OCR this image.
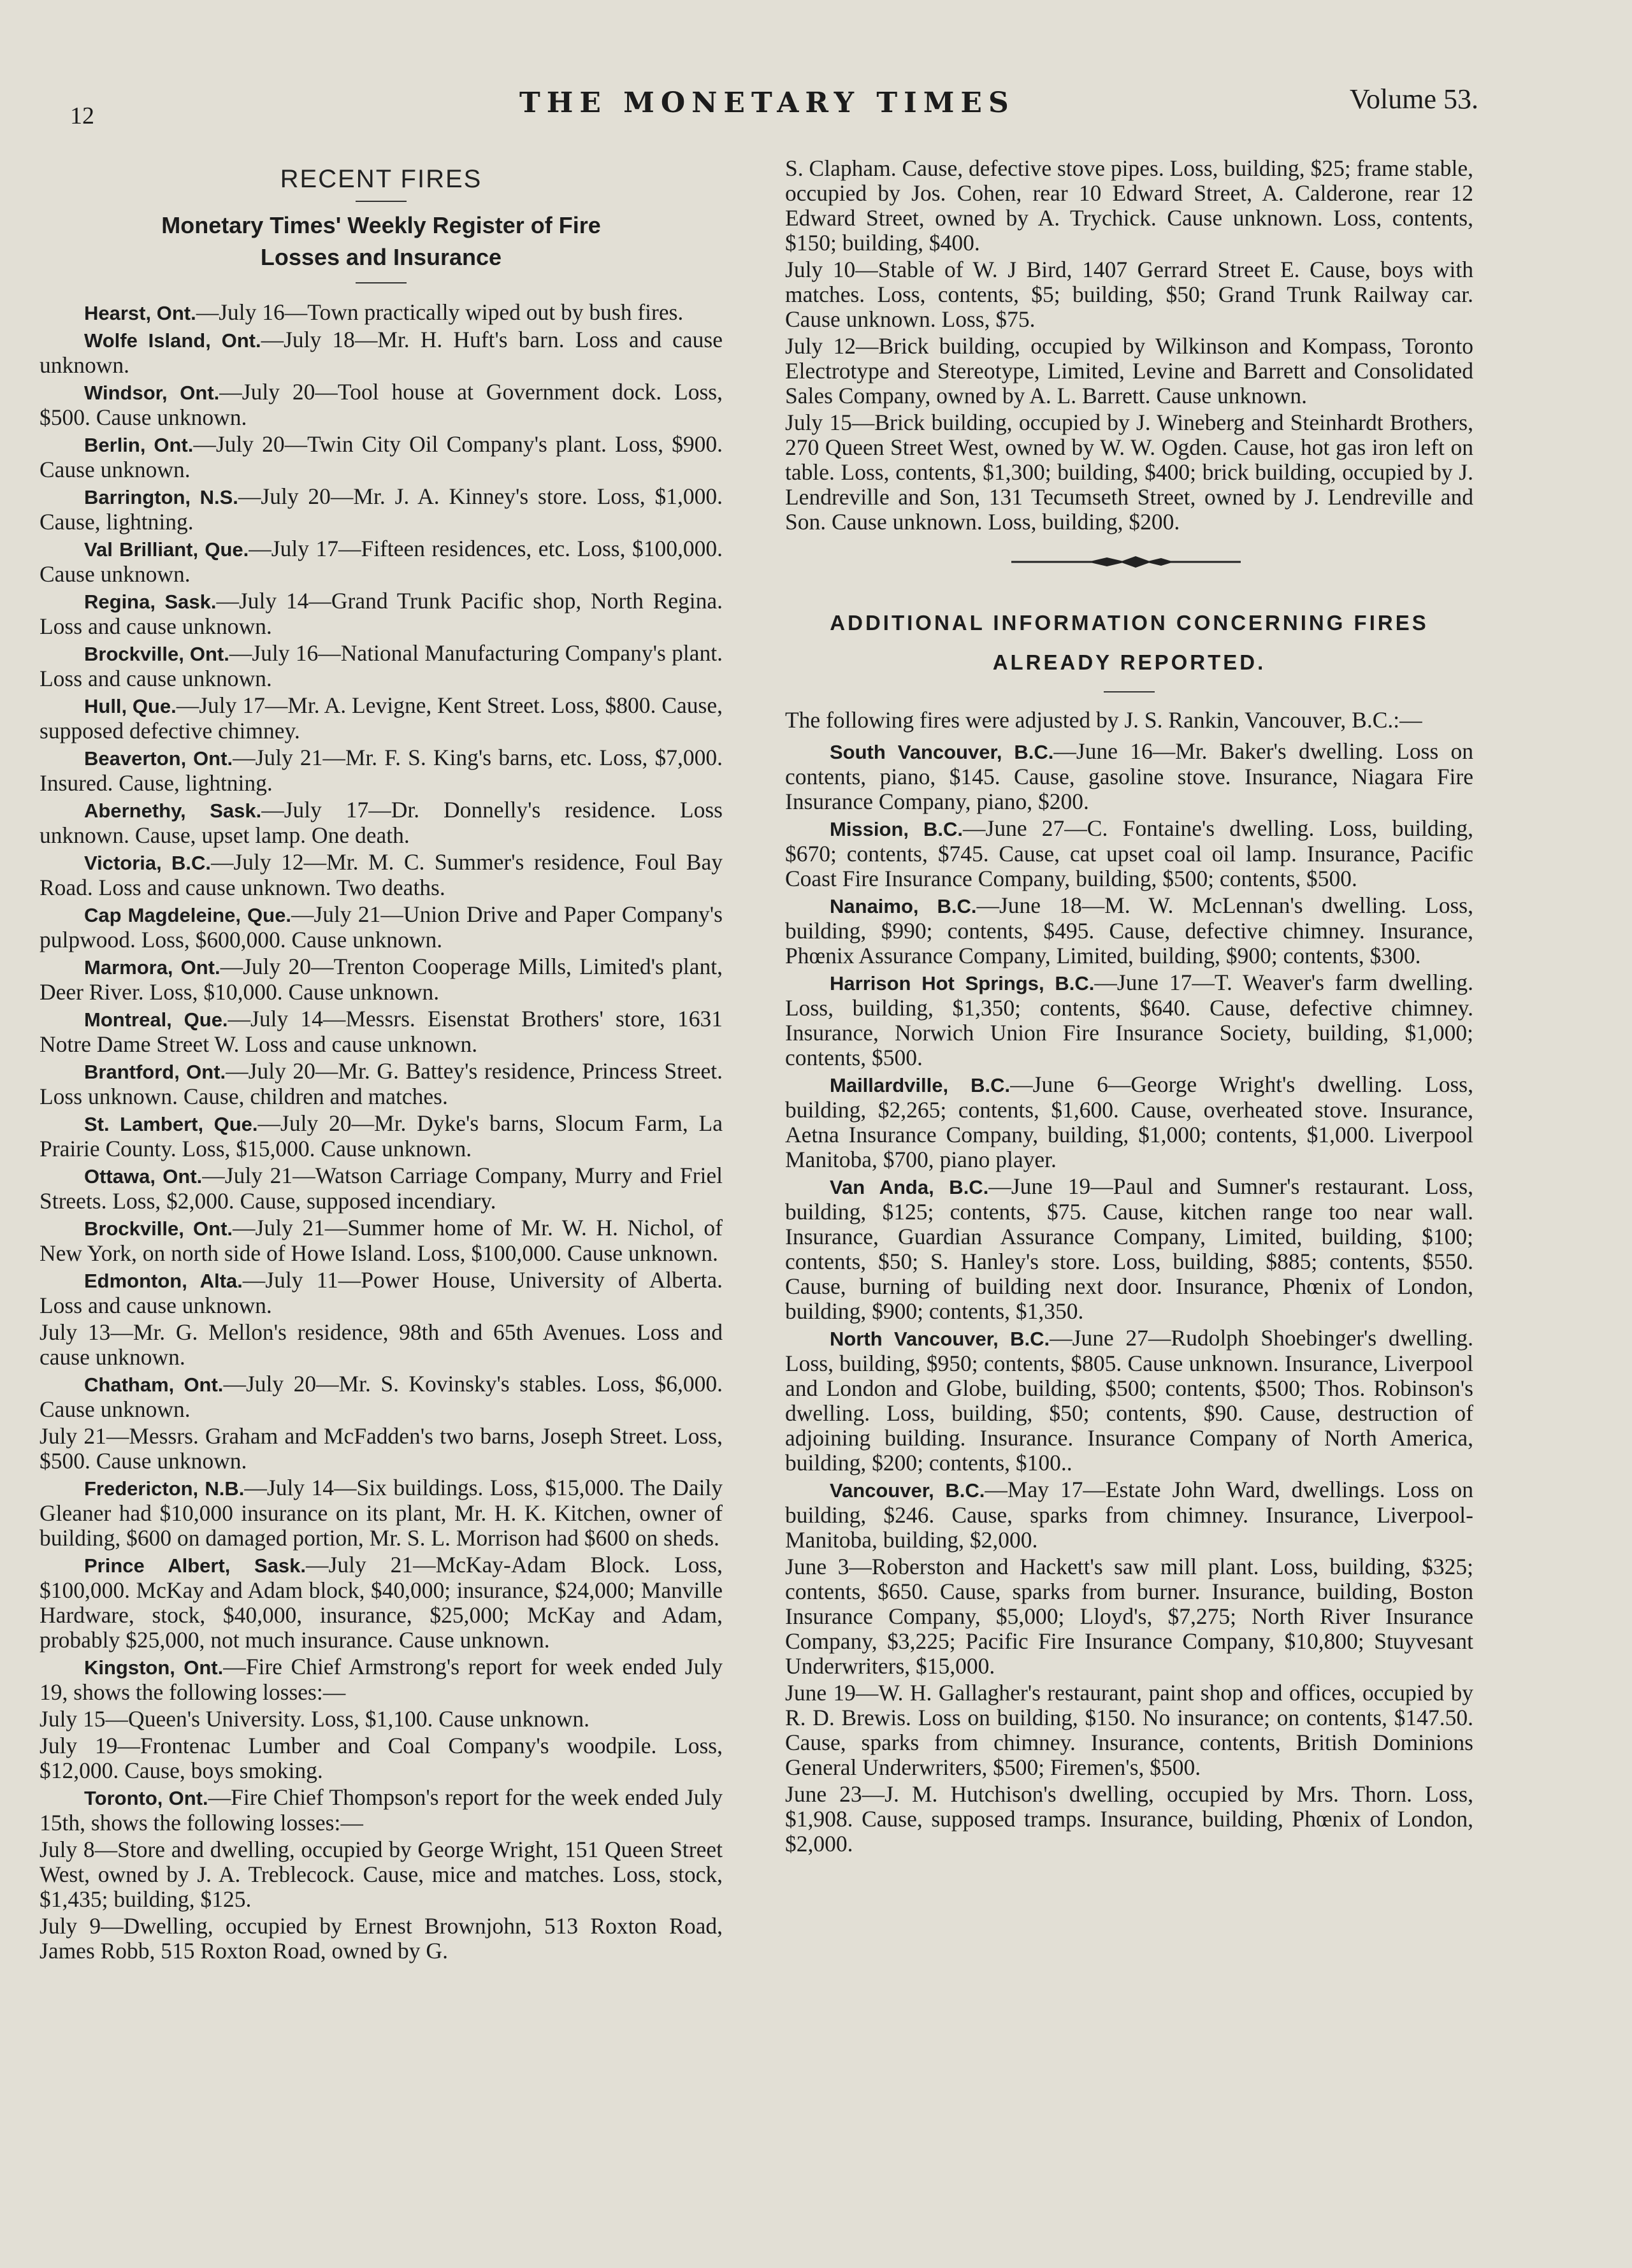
12	THE MONETARY TIMES	Volume 53.
RECENT FIRES
Monetary Times' Weekly Register of Fire Losses and Insurance

Hearst, Ont.—July 16—Town practically wiped out by bush fires.

Wolfe Island, Ont.—July 18—Mr. H. Huft's barn. Loss and cause unknown.

Windsor, Ont.—July 20—Tool house at Government dock. Loss, $500. Cause unknown.

Berlin, Ont.—July 20—Twin City Oil Company's plant. Loss, $900. Cause unknown.

Barrington, N.S.—July 20—Mr. J. A. Kinney's store. Loss, $1,000. Cause, lightning.

Val Brilliant, Que.—July 17—Fifteen residences, etc. Loss, $100,000. Cause unknown.

Regina, Sask.—July 14—Grand Trunk Pacific shop, North Regina. Loss and cause unknown.

Brockville, Ont.—July 16—National Manufacturing Company's plant. Loss and cause unknown.

Hull, Que.—July 17—Mr. A. Levigne, Kent Street. Loss, $800. Cause, supposed defective chimney.

Beaverton, Ont.—July 21—Mr. F. S. King's barns, etc. Loss, $7,000. Insured. Cause, lightning.

Abernethy, Sask.—July 17—Dr. Donnelly's residence. Loss unknown. Cause, upset lamp. One death.

Victoria, B.C.—July 12—Mr. M. C. Summer's residence, Foul Bay Road. Loss and cause unknown. Two deaths.

Cap Magdeleine, Que.—July 21—Union Drive and Paper Company's pulpwood. Loss, $600,000. Cause unknown.

Marmora, Ont.—July 20—Trenton Cooperage Mills, Limited's plant, Deer River. Loss, $10,000. Cause unknown.

Montreal, Que.—July 14—Messrs. Eisenstat Brothers' store, 1631 Notre Dame Street W. Loss and cause unknown.

Brantford, Ont.—July 20—Mr. G. Battey's residence, Princess Street. Loss unknown. Cause, children and matches.

St. Lambert, Que.—July 20—Mr. Dyke's barns, Slocum Farm, La Prairie County. Loss, $15,000. Cause unknown.

Ottawa, Ont.—July 21—Watson Carriage Company, Murry and Friel Streets. Loss, $2,000. Cause, supposed incendiary.

Brockville, Ont.—July 21—Summer home of Mr. W. H. Nichol, of New York, on north side of Howe Island. Loss, $100,000. Cause unknown.

Edmonton, Alta.—July 11—Power House, University of Alberta. Loss and cause unknown.

July 13—Mr. G. Mellon's residence, 98th and 65th Avenues. Loss and cause unknown.

Chatham, Ont.—July 20—Mr. S. Kovinsky's stables. Loss, $6,000. Cause unknown.

July 21—Messrs. Graham and McFadden's two barns, Joseph Street. Loss, $500. Cause unknown.

Fredericton, N.B.—July 14—Six buildings. Loss, $15,000. The Daily Gleaner had $10,000 insurance on its plant, Mr. H. K. Kitchen, owner of building, $600 on damaged portion, Mr. S. L. Morrison had $600 on sheds.

Prince Albert, Sask.—July 21—McKay-Adam Block. Loss, $100,000. McKay and Adam block, $40,000; insurance, $24,000; Manville Hardware, stock, $40,000, insurance, $25,000; McKay and Adam, probably $25,000, not much insurance. Cause unknown.

Kingston, Ont.—Fire Chief Armstrong's report for week ended July 19, shows the following losses:—

July 15—Queen's University. Loss, $1,100. Cause unknown.

July 19—Frontenac Lumber and Coal Company's woodpile. Loss, $12,000. Cause, boys smoking.

Toronto, Ont.—Fire Chief Thompson's report for the week ended July 15th, shows the following losses:—

July 8—Store and dwelling, occupied by George Wright, 151 Queen Street West, owned by J. A. Treblecock. Cause, mice and matches. Loss, stock, $1,435; building, $125.

July 9—Dwelling, occupied by Ernest Brownjohn, 513 Roxton Road, James Robb, 515 Roxton Road, owned by G.

S. Clapham. Cause, defective stove pipes. Loss, building, $25; frame stable, occupied by Jos. Cohen, rear 10 Edward Street, A. Calderone, rear 12 Edward Street, owned by A. Trychick. Cause unknown. Loss, contents, $150; building, $400.

July 10—Stable of W. J Bird, 1407 Gerrard Street E. Cause, boys with matches. Loss, contents, $5; building, $50; Grand Trunk Railway car. Cause unknown. Loss, $75.

July 12—Brick building, occupied by Wilkinson and Kompass, Toronto Electrotype and Stereotype, Limited, Levine and Barrett and Consolidated Sales Company, owned by A. L. Barrett. Cause unknown.

July 15—Brick building, occupied by J. Wineberg and Steinhardt Brothers, 270 Queen Street West, owned by W. W. Ogden. Cause, hot gas iron left on table. Loss, contents, $1,300; building, $400; brick building, occupied by J. Lendreville and Son, 131 Tecumseth Street, owned by J. Lendreville and Son. Cause unknown. Loss, building, $200.

ADDITIONAL INFORMATION CONCERNING FIRES ALREADY REPORTED.

The following fires were adjusted by J. S. Rankin, Vancouver, B.C.:—

South Vancouver, B.C.—June 16—Mr. Baker's dwelling. Loss on contents, piano, $145. Cause, gasoline stove. Insurance, Niagara Fire Insurance Company, piano, $200.

Mission, B.C.—June 27—C. Fontaine's dwelling. Loss, building, $670; contents, $745. Cause, cat upset coal oil lamp. Insurance, Pacific Coast Fire Insurance Company, building, $500; contents, $500.

Nanaimo, B.C.—June 18—M. W. McLennan's dwelling. Loss, building, $990; contents, $495. Cause, defective chimney. Insurance, Phœnix Assurance Company, Limited, building, $900; contents, $300.

Harrison Hot Springs, B.C.—June 17—T. Weaver's farm dwelling. Loss, building, $1,350; contents, $640. Cause, defective chimney. Insurance, Norwich Union Fire Insurance Society, building, $1,000; contents, $500.

Maillardville, B.C.—June 6—George Wright's dwelling. Loss, building, $2,265; contents, $1,600. Cause, overheated stove. Insurance, Aetna Insurance Company, building, $1,000; contents, $1,000. Liverpool Manitoba, $700, piano player.

Van Anda, B.C.—June 19—Paul and Sumner's restaurant. Loss, building, $125; contents, $75. Cause, kitchen range too near wall. Insurance, Guardian Assurance Company, Limited, building, $100; contents, $50; S. Hanley's store. Loss, building, $885; contents, $550. Cause, burning of building next door. Insurance, Phœnix of London, building, $900; contents, $1,350.

North Vancouver, B.C.—June 27—Rudolph Shoebinger's dwelling. Loss, building, $950; contents, $805. Cause unknown. Insurance, Liverpool and London and Globe, building, $500; contents, $500; Thos. Robinson's dwelling. Loss, building, $50; contents, $90. Cause, destruction of adjoining building. Insurance. Insurance Company of North America, building, $200; contents, $100..

Vancouver, B.C.—May 17—Estate John Ward, dwellings. Loss on building, $246. Cause, sparks from chimney. Insurance, Liverpool-Manitoba, building, $2,000.

June 3—Roberston and Hackett's saw mill plant. Loss, building, $325; contents, $650. Cause, sparks from burner. Insurance, building, Boston Insurance Company, $5,000; Lloyd's, $7,275; North River Insurance Company, $3,225; Pacific Fire Insurance Company, $10,800; Stuyvesant Underwriters, $15,000.

June 19—W. H. Gallagher's restaurant, paint shop and offices, occupied by R. D. Brewis. Loss on building, $150. No insurance; on contents, $147.50. Cause, sparks from chimney. Insurance, contents, British Dominions General Underwriters, $500; Firemen's, $500.

June 23—J. M. Hutchison's dwelling, occupied by Mrs. Thorn. Loss, $1,908. Cause, supposed tramps. Insurance, building, Phœnix of London, $2,000.
